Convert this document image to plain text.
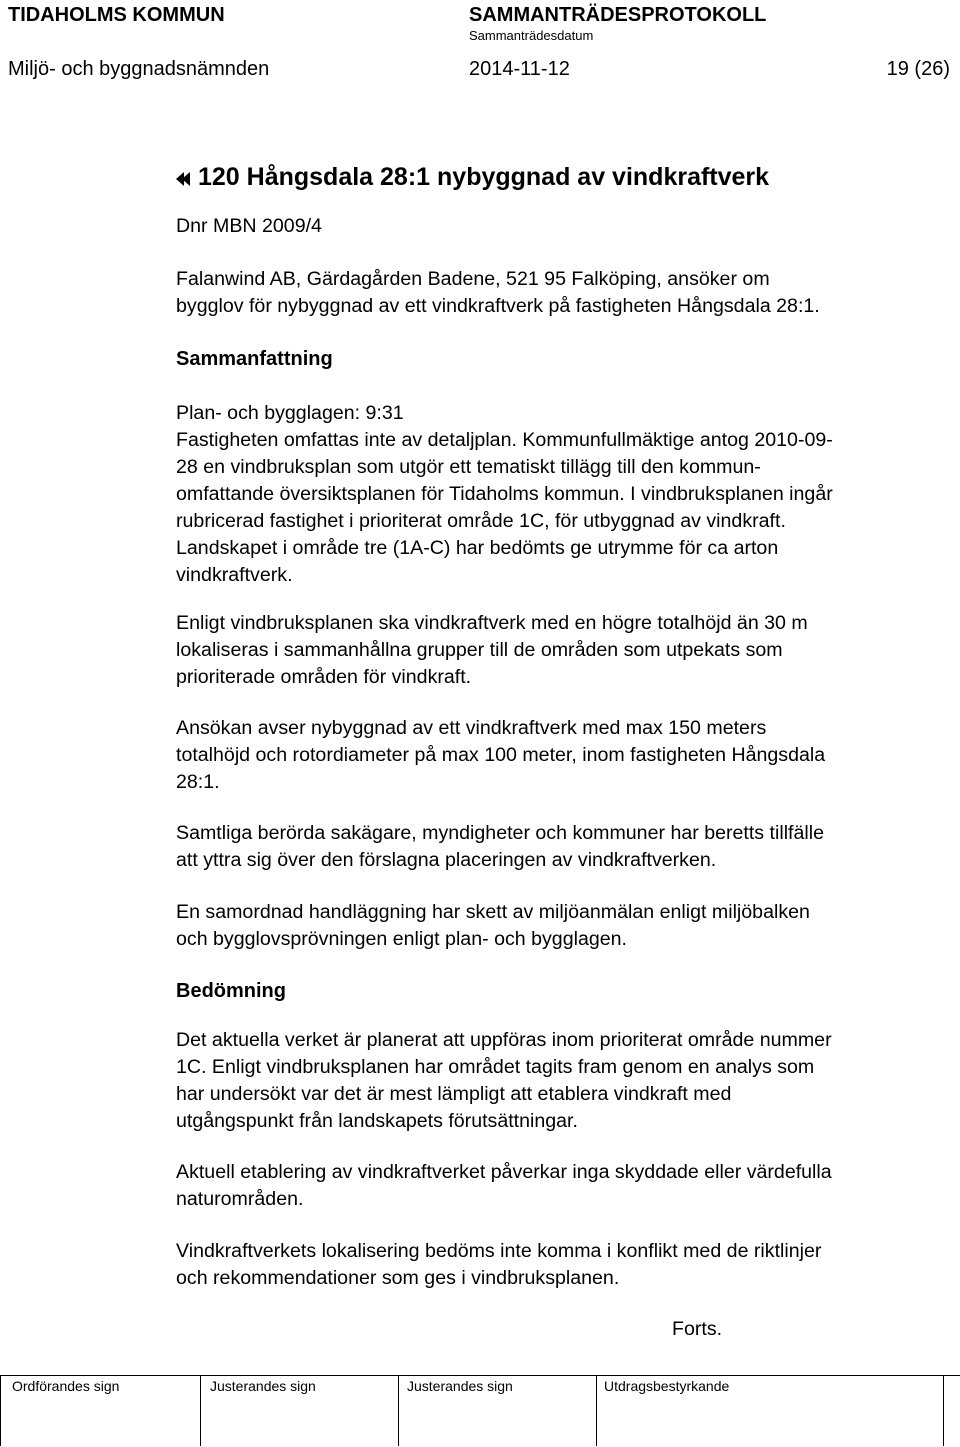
TIDAHOLMS KOMMUN	SAMMANTRÄDESPROTOKOLL
Sammanträdesdatum
Miljö- och byggnadsnämnden	2014-11-12	19 (26)
120 Hångsdala 28:1 nybyggnad av vindkraftverk
Dnr MBN 2009/4
Falanwind AB, Gärdagården Badene, 521 95 Falköping, ansöker om
bygglov för nybyggnad av ett vindkraftverk på fastigheten Hångsdala 28:1.
Sammanfattning
Plan- och bygglagen: 9:31
Fastigheten omfattas inte av detaljplan. Kommunfullmäktige antog 2010-09-
28 en vindbruksplan som utgör ett tematiskt tillägg till den kommun-
omfattande översiktsplanen för Tidaholms kommun. I vindbruksplanen ingår
rubricerad fastighet i prioriterat område 1C, för utbyggnad av vindkraft.
Landskapet i område tre (1A-C) har bedömts ge utrymme för ca arton
vindkraftverk.
Enligt vindbruksplanen ska vindkraftverk med en högre totalhöjd än 30 m
lokaliseras i sammanhållna grupper till de områden som utpekats som
prioriterade områden för vindkraft.
Ansökan avser nybyggnad av ett vindkraftverk med max 150 meters
totalhöjd och rotordiameter på max 100 meter, inom fastigheten Hångsdala
28:1.
Samtliga berörda sakägare, myndigheter och kommuner har beretts tillfälle
att yttra sig över den förslagna placeringen av vindkraftverken.
En samordnad handläggning har skett av miljöanmälan enligt miljöbalken
och bygglovsprövningen enligt plan- och bygglagen.
Bedömning
Det aktuella verket är planerat att uppföras inom prioriterat område nummer
1C. Enligt vindbruksplanen har området tagits fram genom en analys som
har undersökt var det är mest lämpligt att etablera vindkraft med
utgångspunkt från landskapets förutsättningar.
Aktuell etablering av vindkraftverket påverkar inga skyddade eller värdefulla
naturområden.
Vindkraftverkets lokalisering bedöms inte komma i konflikt med de riktlinjer
och rekommendationer som ges i vindbruksplanen.
Forts.
Ordförandes sign	Justerandes sign	Justerandes sign	Utdragsbestyrkande
